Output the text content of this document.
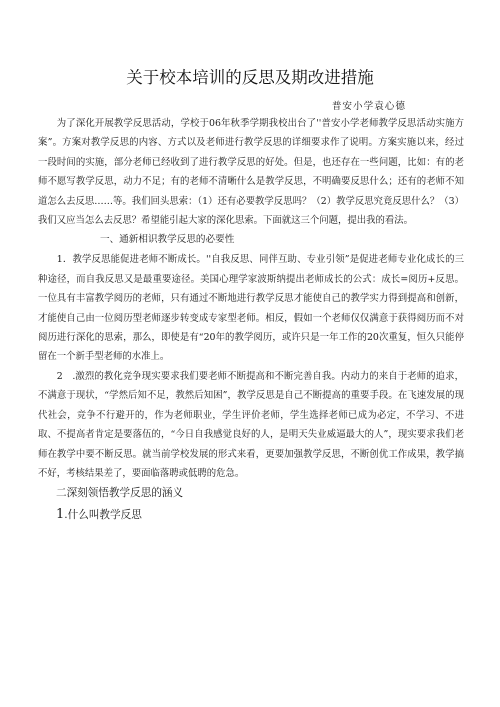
关于校本培训的反思及期改进措施
普安小学袁心德

为了深化开展教学反思活动，学校于06年秋季学期我校出台了''普安小学老师教学反思活动实施方案”。方案对教学反思的内容、方式以及老师进行教学反思的详细要求作了说明。方案实施以来，经过一段时间的实施，部分老师已经收到了进行教学反思的好处。但是，也还存在一些问题，比如：有的老师不愿写教学反思，动力不足；有的老师不清晰什么是教学反思，不明确要反思什么；还有的老师不知道怎么去反思……等。我们回头思索：（1）还有必要教学反思吗？（2）教学反思究竟反思什么？（3）我们又应当怎么去反思？希望能引起大家的深化思索。下面就这三个问题，提出我的看法。

一、通新相识教学反思的必要性

1．教学反思能促进老师不断成长。''自我反思、同伴互助、专业引领”是促进老师专业化成长的三种途径，而自我反思又是最重要途径。美国心理学家波斯纳提出老师成长的公式：成长=阅历+反思。一位具有丰富教学阅历的老师，只有通过不断地进行教学反思才能使自己的教学实力得到提高和创新，才能使自己由一位阅历型老师逐步转变成专家型老师。相反，假如一个老师仅仅满意于获得阅历而不对阅历进行深化的思索，那么，即使是有“20年的教学阅历，或许只是一年工作的20次重复，恒久只能停留在一个新手型老师的水准上。

2　.激烈的教化竞争现实要求我们要老师不断提高和不断完善自我。内动力的来自于老师的追求，不满意于现状，“学然后知不足，教然后知困”，教学反思是自己不断提高的重要手段。在飞速发展的现代社会，竞争不行避开的，作为老师职业，学生评价老师，学生选择老师已成为必定，不学习、不进取、不提高者肯定是要落伍的，“今日自我感觉良好的人，是明天失业威逼最大的人”，现实要求我们老师在教学中要不断反思。就当前学校发展的形式来看，更要加强教学反思，不断创优工作成果，教学搞不好，考核结果差了，要面临落聘或低聘的危急。

二深刻领悟教学反思的涵义

1.什么叫教学反思
